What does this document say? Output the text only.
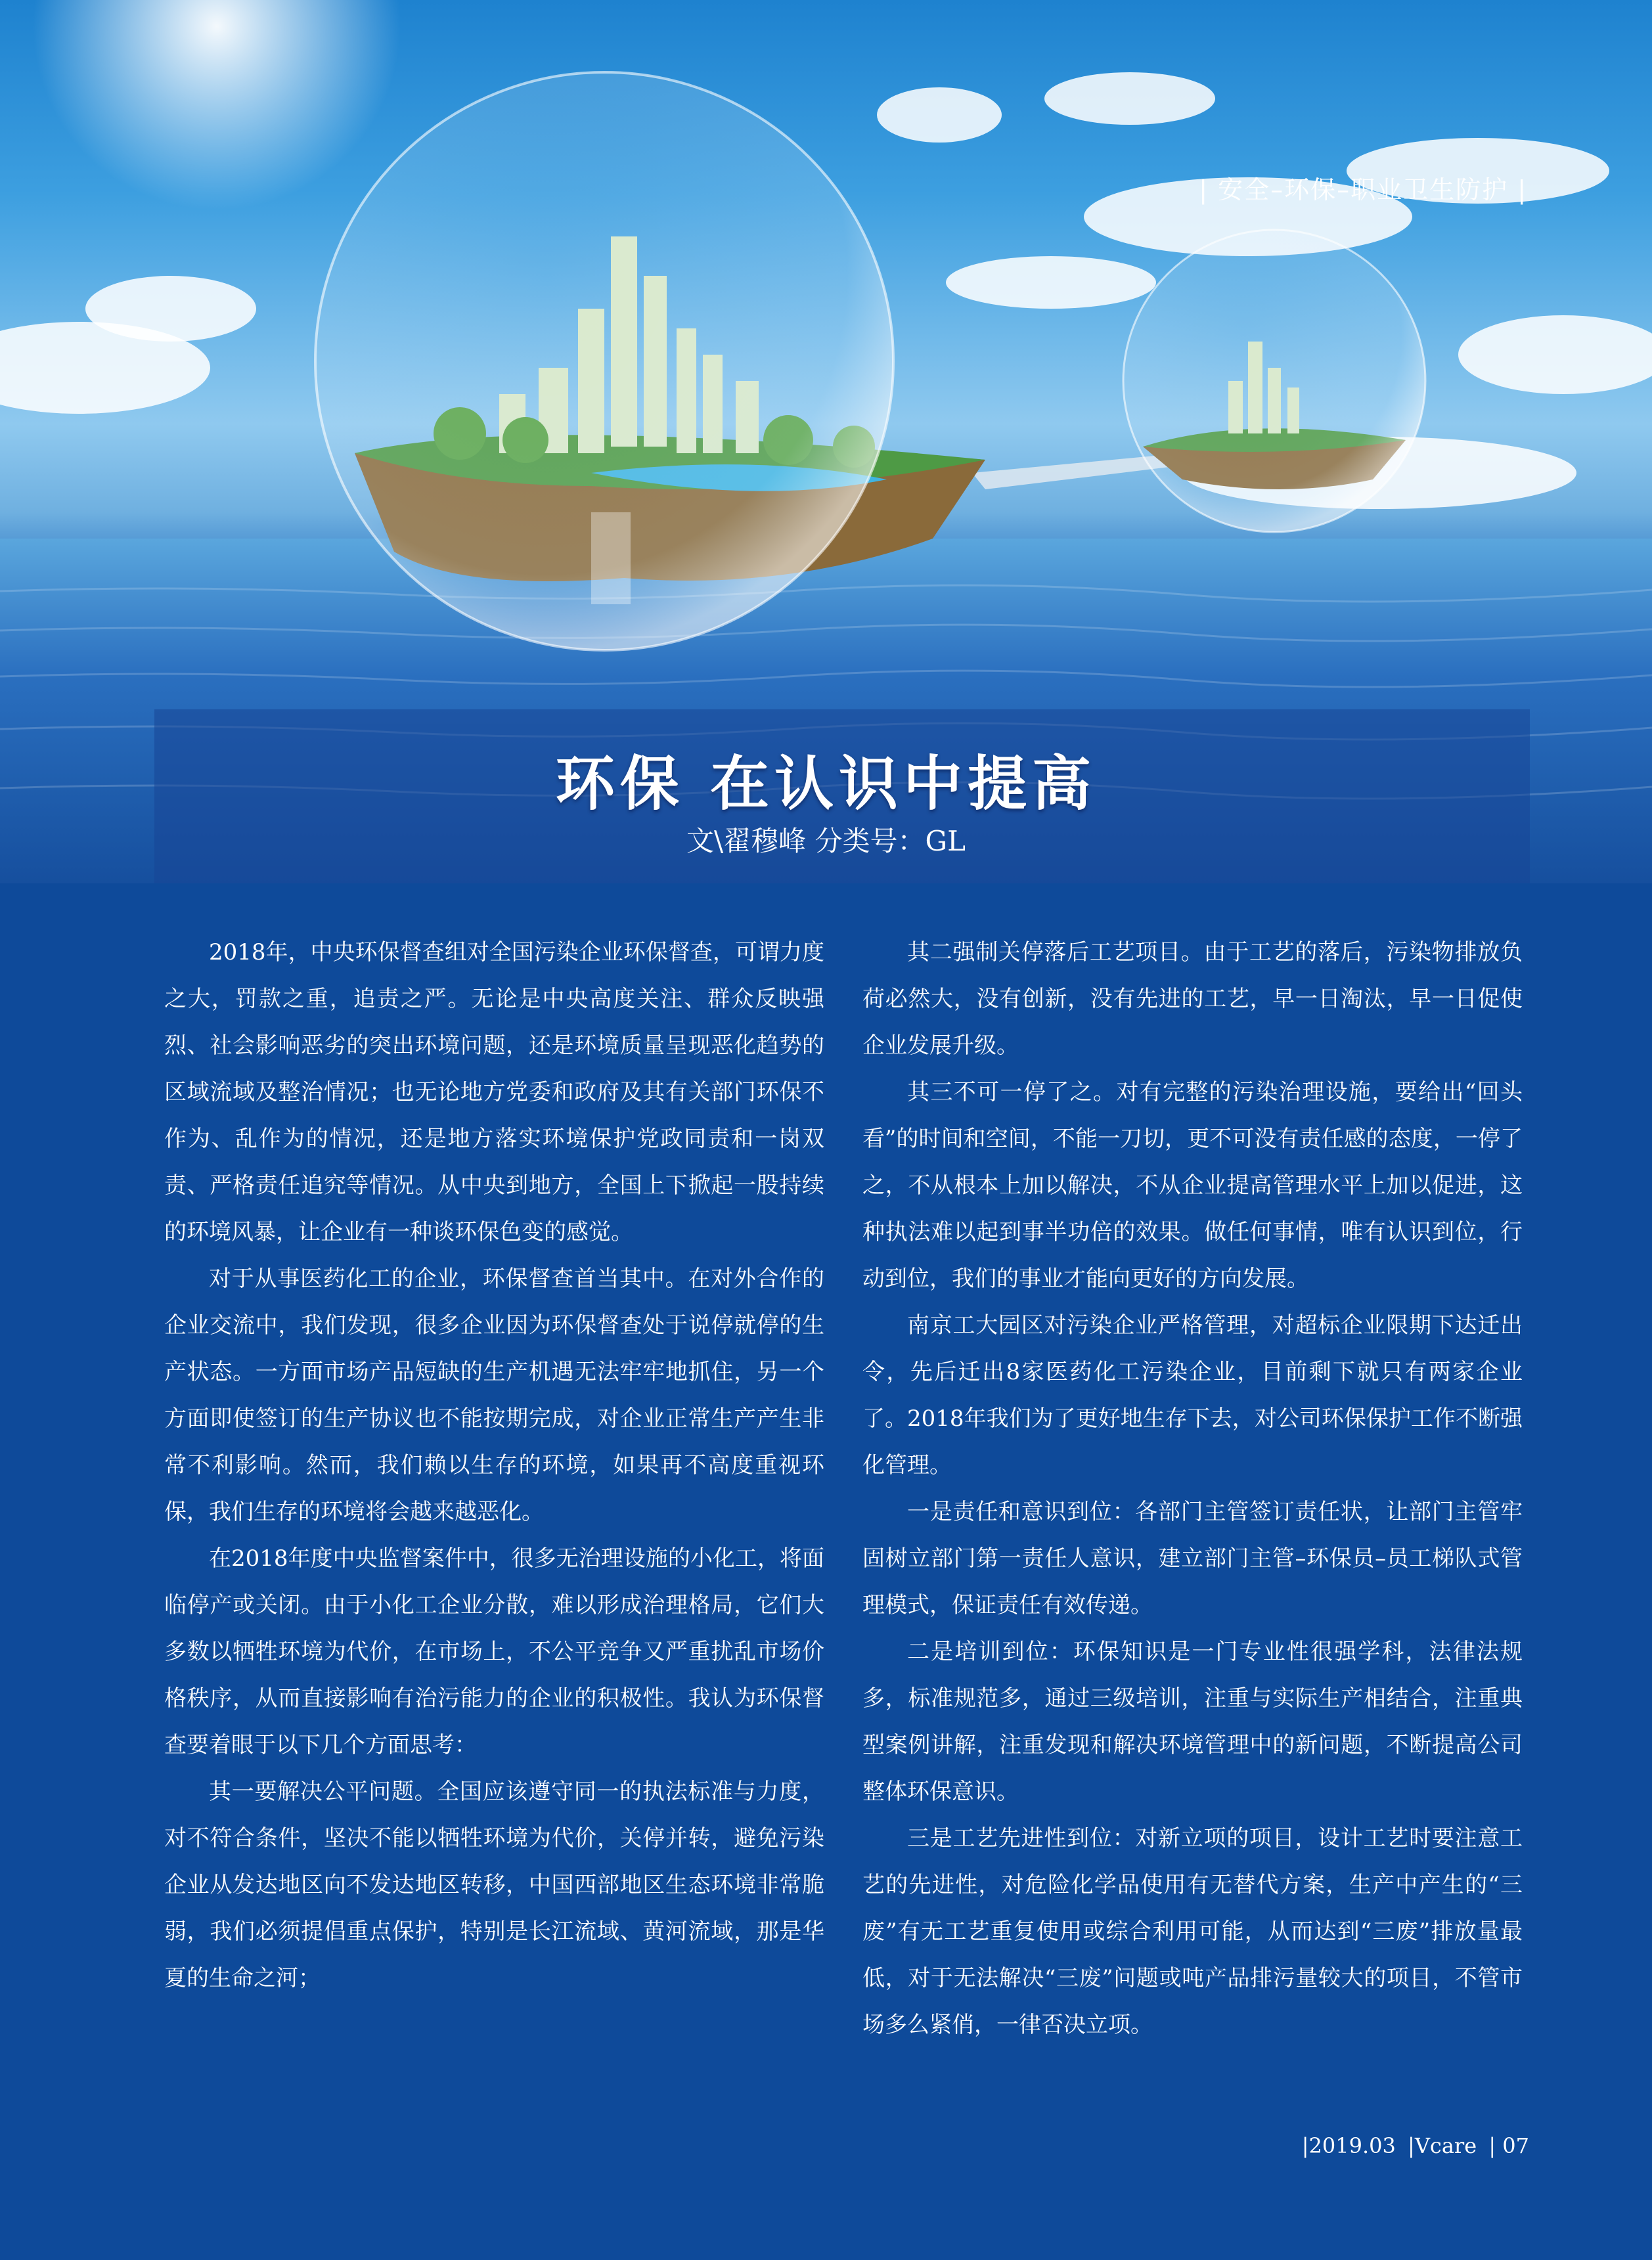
| 安全–环保–职业卫生防护 |
环保 在认识中提高
文\翟穆峰 分类号：GL

2018年，中央环保督查组对全国污染企业环保督查，可谓力度之大，罚款之重，追责之严。无论是中央高度关注、群众反映强烈、社会影响恶劣的突出环境问题，还是环境质量呈现恶化趋势的区域流域及整治情况；也无论地方党委和政府及其有关部门环保不作为、乱作为的情况，还是地方落实环境保护党政同责和一岗双责、严格责任追究等情况。从中央到地方，全国上下掀起一股持续的环境风暴，让企业有一种谈环保色变的感觉。

对于从事医药化工的企业，环保督查首当其中。在对外合作的企业交流中，我们发现，很多企业因为环保督查处于说停就停的生产状态。一方面市场产品短缺的生产机遇无法牢牢地抓住，另一个方面即使签订的生产协议也不能按期完成，对企业正常生产产生非常不利影响。然而，我们赖以生存的环境，如果再不高度重视环保，我们生存的环境将会越来越恶化。

在2018年度中央监督案件中，很多无治理设施的小化工，将面临停产或关闭。由于小化工企业分散，难以形成治理格局，它们大多数以牺牲环境为代价，在市场上，不公平竞争又严重扰乱市场价格秩序，从而直接影响有治污能力的企业的积极性。我认为环保督查要着眼于以下几个方面思考：

其一要解决公平问题。全国应该遵守同一的执法标准与力度，对不符合条件，坚决不能以牺牲环境为代价，关停并转，避免污染企业从发达地区向不发达地区转移，中国西部地区生态环境非常脆弱，我们必须提倡重点保护，特别是长江流域、黄河流域，那是华夏的生命之河；

其二强制关停落后工艺项目。由于工艺的落后，污染物排放负荷必然大，没有创新，没有先进的工艺，早一日淘汰，早一日促使企业发展升级。

其三不可一停了之。对有完整的污染治理设施，要给出“回头看”的时间和空间，不能一刀切，更不可没有责任感的态度，一停了之，不从根本上加以解决，不从企业提高管理水平上加以促进，这种执法难以起到事半功倍的效果。做任何事情，唯有认识到位，行动到位，我们的事业才能向更好的方向发展。

南京工大园区对污染企业严格管理，对超标企业限期下达迁出令，先后迁出8家医药化工污染企业，目前剩下就只有两家企业了。2018年我们为了更好地生存下去，对公司环保保护工作不断强化管理。

一是责任和意识到位：各部门主管签订责任状，让部门主管牢固树立部门第一责任人意识，建立部门主管–环保员–员工梯队式管理模式，保证责任有效传递。

二是培训到位：环保知识是一门专业性很强学科，法律法规多，标准规范多，通过三级培训，注重与实际生产相结合，注重典型案例讲解，注重发现和解决环境管理中的新问题，不断提高公司整体环保意识。

三是工艺先进性到位：对新立项的项目，设计工艺时要注意工艺的先进性，对危险化学品使用有无替代方案，生产中产生的“三废”有无工艺重复使用或综合利用可能，从而达到“三废”排放量最低，对于无法解决“三废”问题或吨产品排污量较大的项目，不管市场多么紧俏，一律否决立项。

|2019.03 |Vcare | 07
